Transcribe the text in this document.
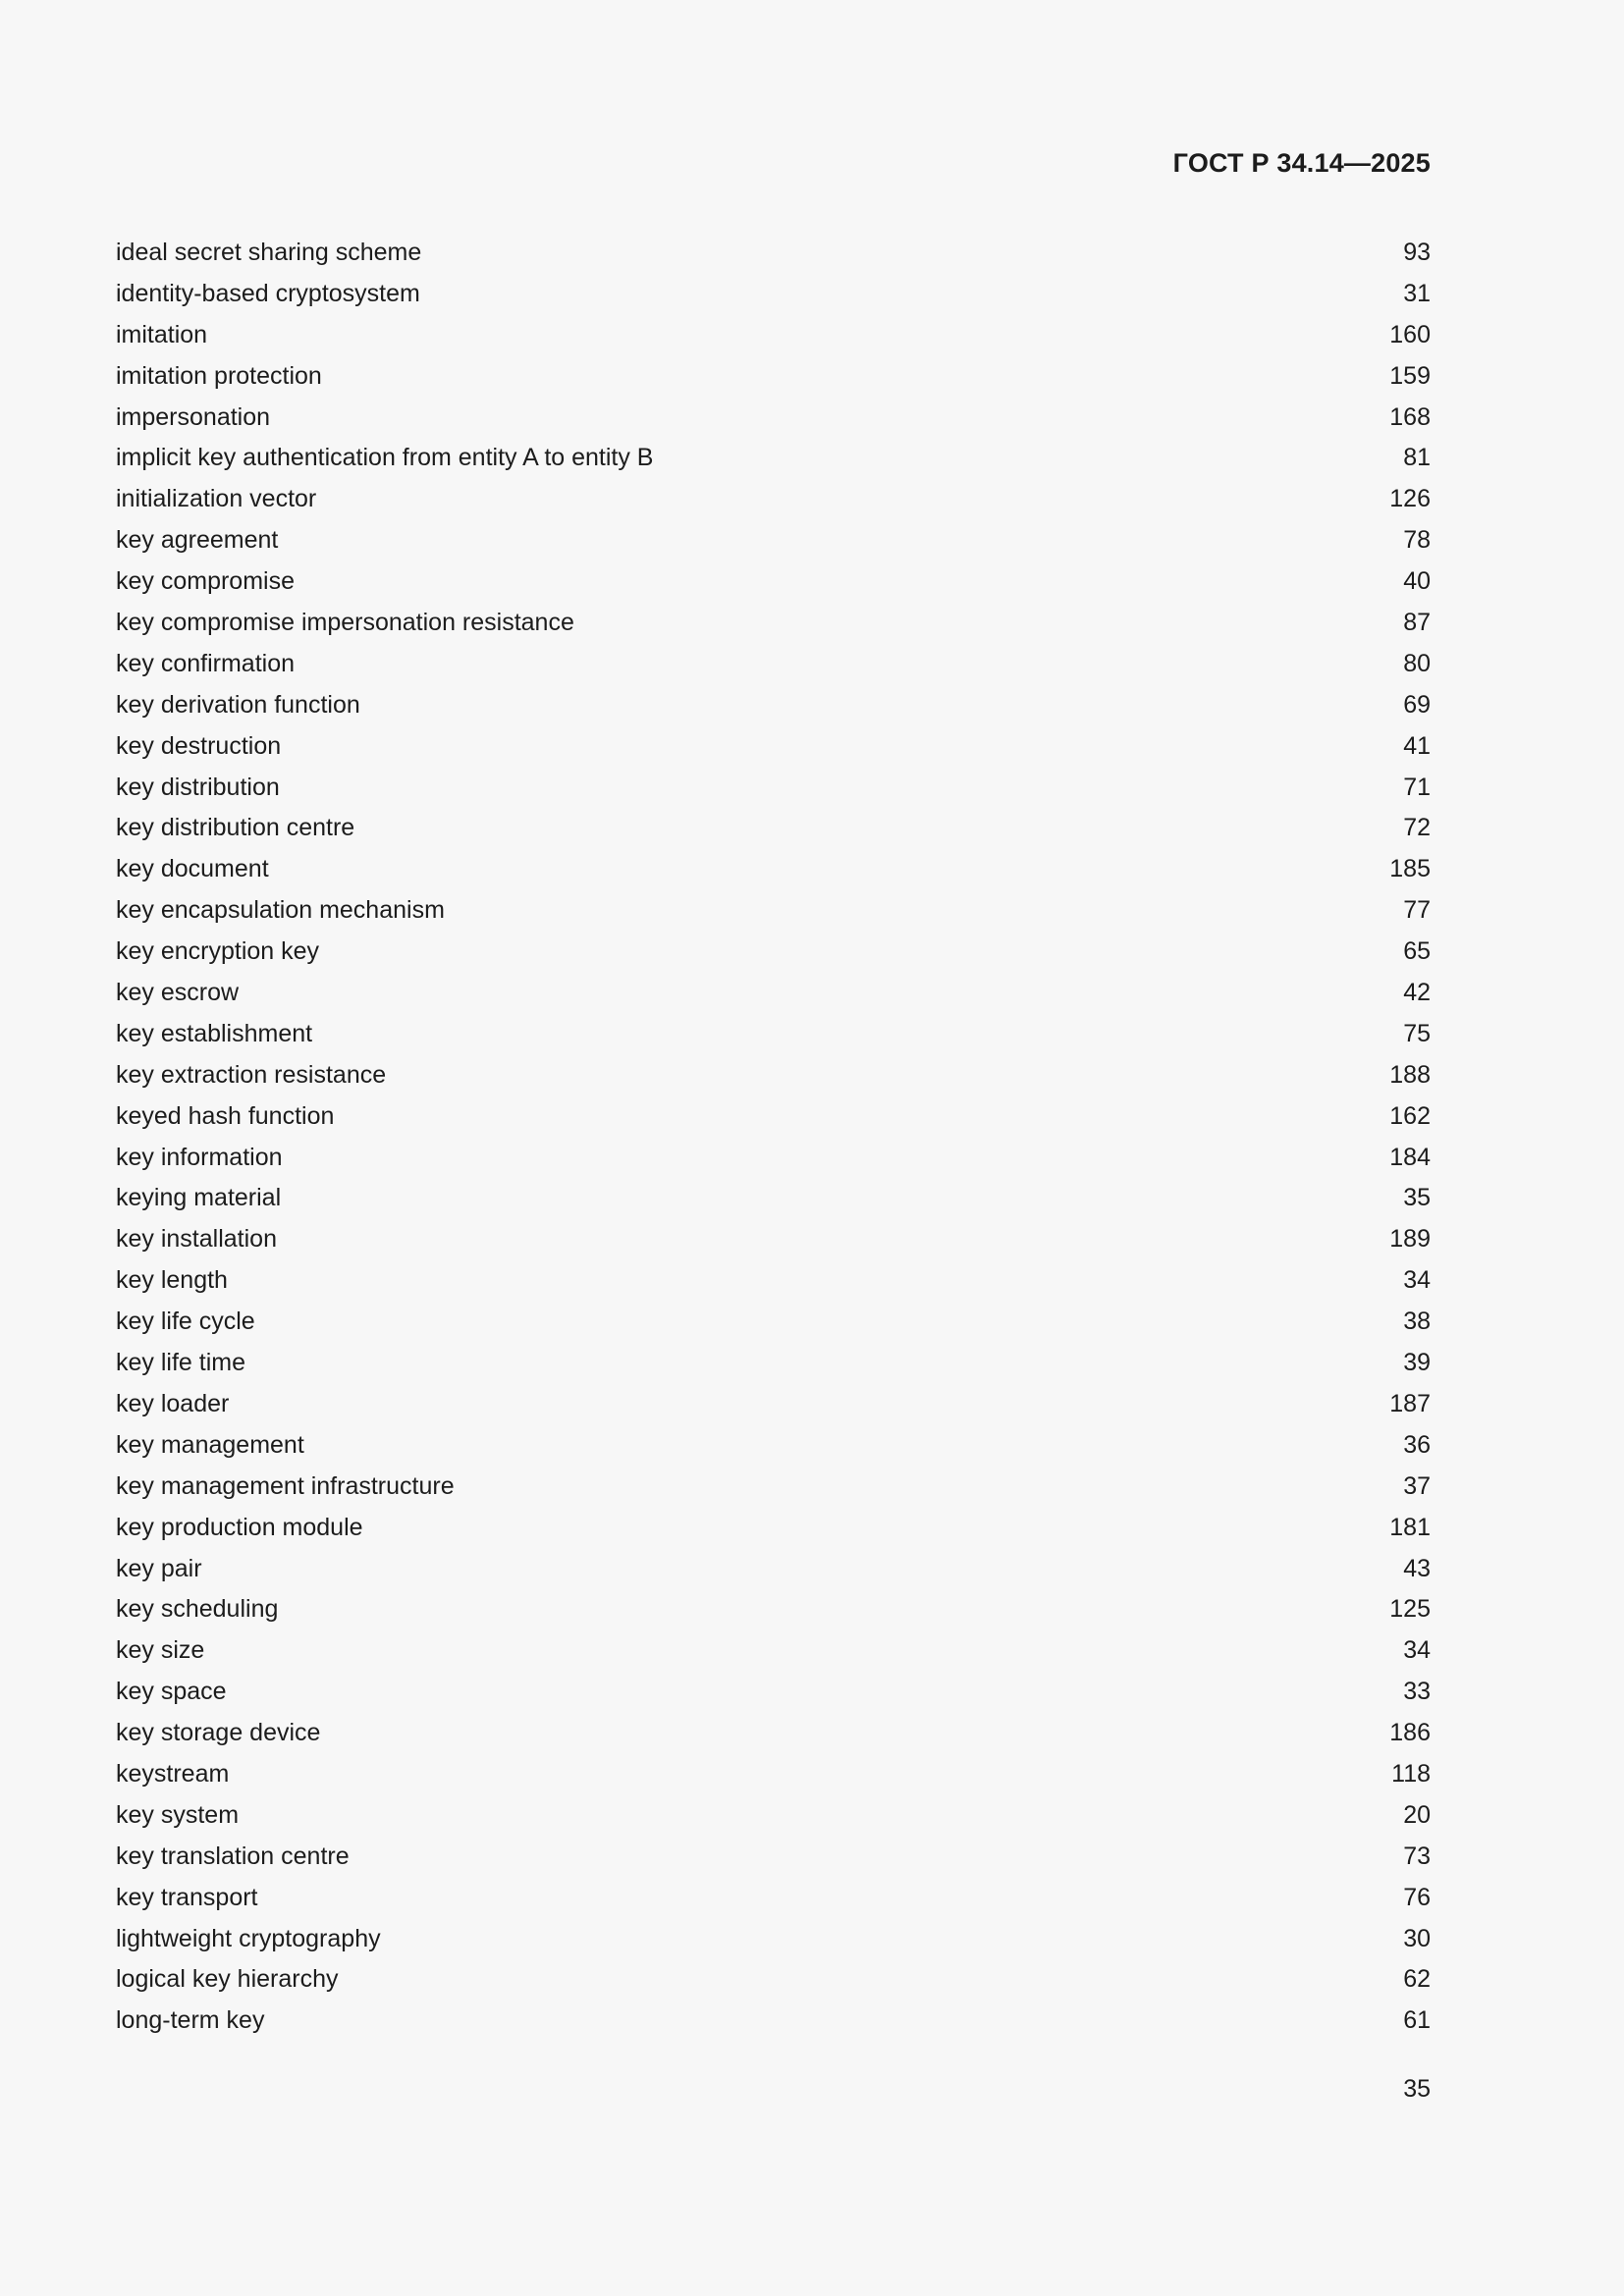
ГОСТ Р 34.14—2025
ideal secret sharing scheme	93
identity-based cryptosystem	31
imitation	160
imitation protection	159
impersonation	168
implicit key authentication from entity A to entity B	81
initialization vector	126
key agreement	78
key compromise	40
key compromise impersonation resistance	87
key confirmation	80
key derivation function	69
key destruction	41
key distribution	71
key distribution centre	72
key document	185
key encapsulation mechanism	77
key encryption key	65
key escrow	42
key establishment	75
key extraction resistance	188
keyed hash function	162
key information	184
keying material	35
key installation	189
key length	34
key life cycle	38
key life time	39
key loader	187
key management	36
key management infrastructure	37
key production module	181
key pair	43
key scheduling	125
key size	34
key space	33
key storage device	186
keystream	118
key system	20
key translation centre	73
key transport	76
lightweight cryptography	30
logical key hierarchy	62
long-term key	61
35
